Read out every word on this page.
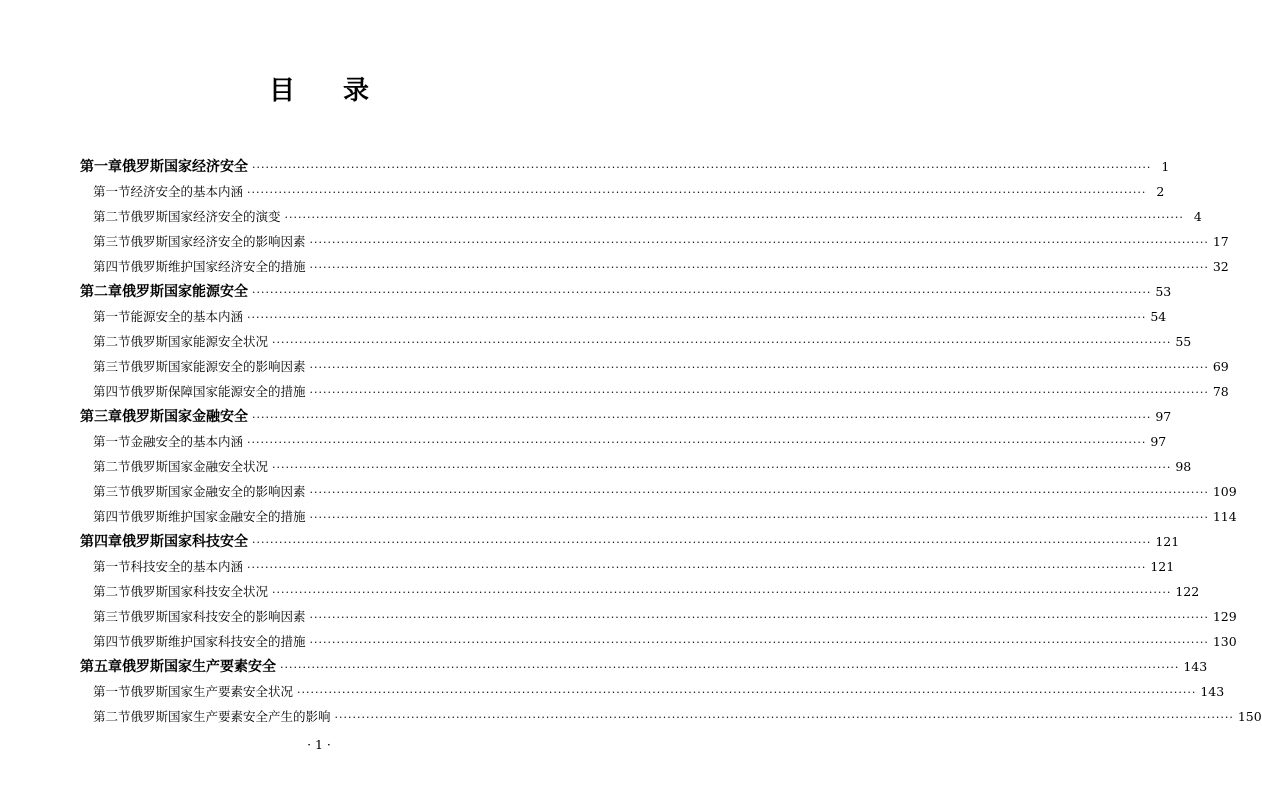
目录
第一章 俄罗斯国家经济安全 ········································································································································································································ 1
第一节 经济安全的基本内涵 ········································································································································································································ 2
第二节 俄罗斯国家经济安全的演变 ········································································································································································································ 4
第三节 俄罗斯国家经济安全的影响因素 ········································································································································································································ 17
第四节 俄罗斯维护国家经济安全的措施 ········································································································································································································ 32
第二章 俄罗斯国家能源安全 ········································································································································································································ 53
第一节 能源安全的基本内涵 ········································································································································································································ 54
第二节 俄罗斯国家能源安全状况 ········································································································································································································ 55
第三节 俄罗斯国家能源安全的影响因素 ········································································································································································································ 69
第四节 俄罗斯保障国家能源安全的措施 ········································································································································································································ 78
第三章 俄罗斯国家金融安全 ········································································································································································································ 97
第一节 金融安全的基本内涵 ········································································································································································································ 97
第二节 俄罗斯国家金融安全状况 ········································································································································································································ 98
第三节 俄罗斯国家金融安全的影响因素 ········································································································································································································ 109
第四节 俄罗斯维护国家金融安全的措施 ········································································································································································································ 114
第四章 俄罗斯国家科技安全 ········································································································································································································ 121
第一节 科技安全的基本内涵 ········································································································································································································ 121
第二节 俄罗斯国家科技安全状况 ········································································································································································································ 122
第三节 俄罗斯国家科技安全的影响因素 ········································································································································································································ 129
第四节 俄罗斯维护国家科技安全的措施 ········································································································································································································ 130
第五章 俄罗斯国家生产要素安全 ········································································································································································································ 143
第一节 俄罗斯国家生产要素安全状况 ········································································································································································································ 143
第二节 俄罗斯国家生产要素安全产生的影响 ········································································································································································································ 150
· 1 ·
